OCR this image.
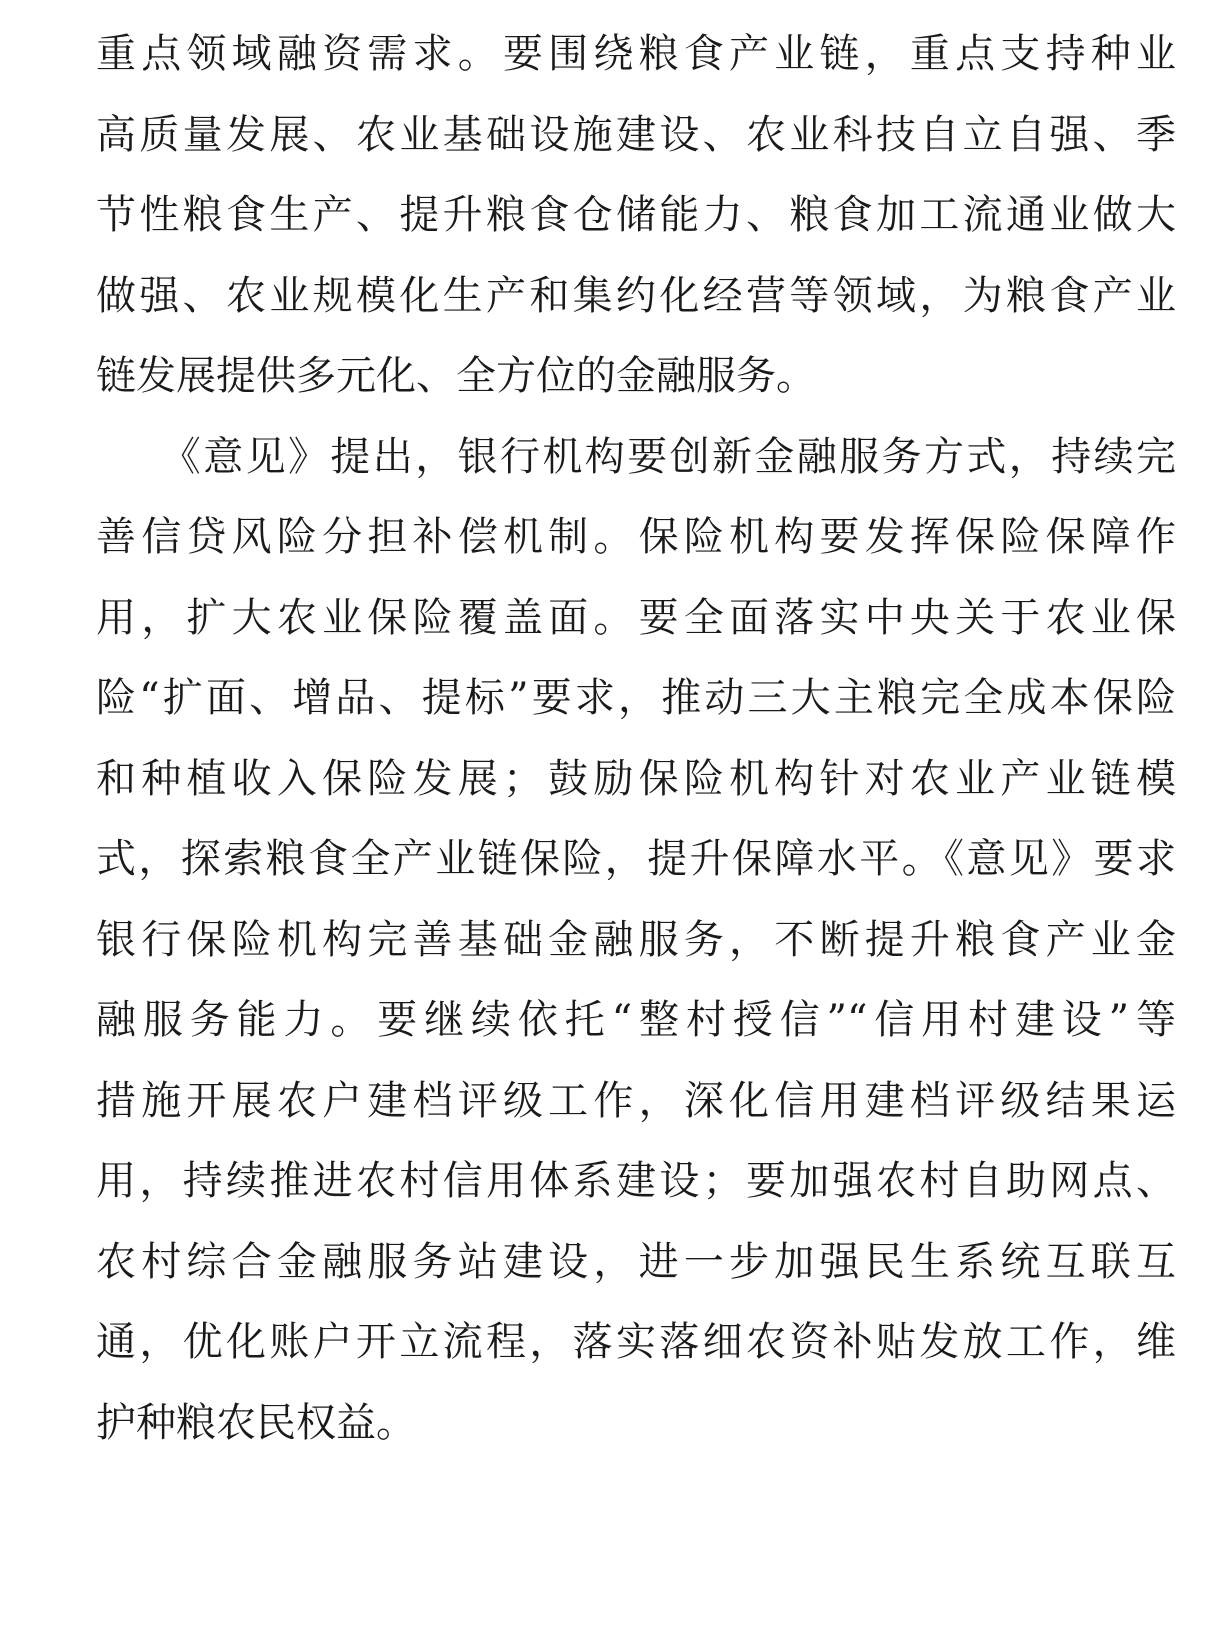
重点领域融资需求。要围绕粮食产业链，重点支持种业
高质量发展、农业基础设施建设、农业科技自立自强、季
节性粮食生产、提升粮食仓储能力、粮食加工流通业做大
做强、农业规模化生产和集约化经营等领域，为粮食产业
链发展提供多元化、全方位的金融服务。
　　《意见》提出，银行机构要创新金融服务方式，持续完
善信贷风险分担补偿机制。保险机构要发挥保险保障作
用，扩大农业保险覆盖面。要全面落实中央关于农业保
险“扩面、增品、提标”要求，推动三大主粮完全成本保险
和种植收入保险发展；鼓励保险机构针对农业产业链模
式，探索粮食全产业链保险，提升保障水平。《意见》要求
银行保险机构完善基础金融服务，不断提升粮食产业金
融服务能力。要继续依托“整村授信”“信用村建设”等
措施开展农户建档评级工作，深化信用建档评级结果运
用，持续推进农村信用体系建设；要加强农村自助网点、
农村综合金融服务站建设，进一步加强民生系统互联互
通，优化账户开立流程，落实落细农资补贴发放工作，维
护种粮农民权益。
